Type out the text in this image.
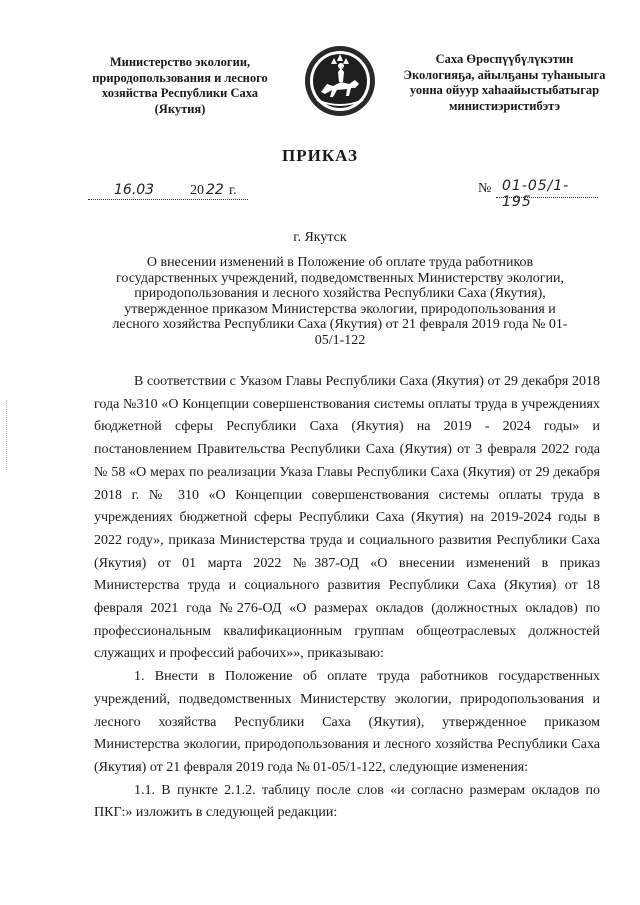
Министерство экологии,
природопользования и лесного
хозяйства Республики Саха
(Якутия)
Саха Өрөспүүбүлүкэтин
Экологияҕа, айылҕаны туһаныыга
уонна ойуур хаһаайыстыбатыгар
министиэристибэтэ
ПРИКАЗ
16.03	20 22 г.	№ 01-05/1-195
г. Якутск
О внесении изменений в Положение об оплате труда работников государственных учреждений, подведомственных Министерству экологии, природопользования и лесного хозяйства Республики Саха (Якутия), утвержденное приказом Министерства экологии, природопользования и лесного хозяйства Республики Саха (Якутия) от 21 февраля 2019 года № 01-05/1-122

В соответствии с Указом Главы Республики Саха (Якутия) от 29 декабря 2018 года №310 «О Концепции совершенствования системы оплаты труда в учреждениях бюджетной сферы Республики Саха (Якутия) на 2019 - 2024 годы» и постановлением Правительства Республики Саха (Якутия) от 3 февраля 2022 года № 58 «О мерах по реализации Указа Главы Республики Саха (Якутия) от 29 декабря 2018 г. № 310 «О Концепции совершенствования системы оплаты труда в учреждениях бюджетной сферы Республики Саха (Якутия) на 2019-2024 годы в 2022 году», приказа Министерства труда и социального развития Республики Саха (Якутия) от 01 марта 2022 №387-ОД «О внесении изменений в приказ Министерства труда и социального развития Республики Саха (Якутия) от 18 февраля 2021 года №276-ОД «О размерах окладов (должностных окладов) по профессиональным квалификационным группам общеотраслевых должностей служащих и профессий рабочих»», приказываю:

1. Внести в Положение об оплате труда работников государственных учреждений, подведомственных Министерству экологии, природопользования и лесного хозяйства Республики Саха (Якутия), утвержденное приказом Министерства экологии, природопользования и лесного хозяйства Республики Саха (Якутия) от 21 февраля 2019 года № 01-05/1-122, следующие изменения:

1.1. В пункте 2.1.2. таблицу после слов «и согласно размерам окладов по ПКГ:» изложить в следующей редакции:
